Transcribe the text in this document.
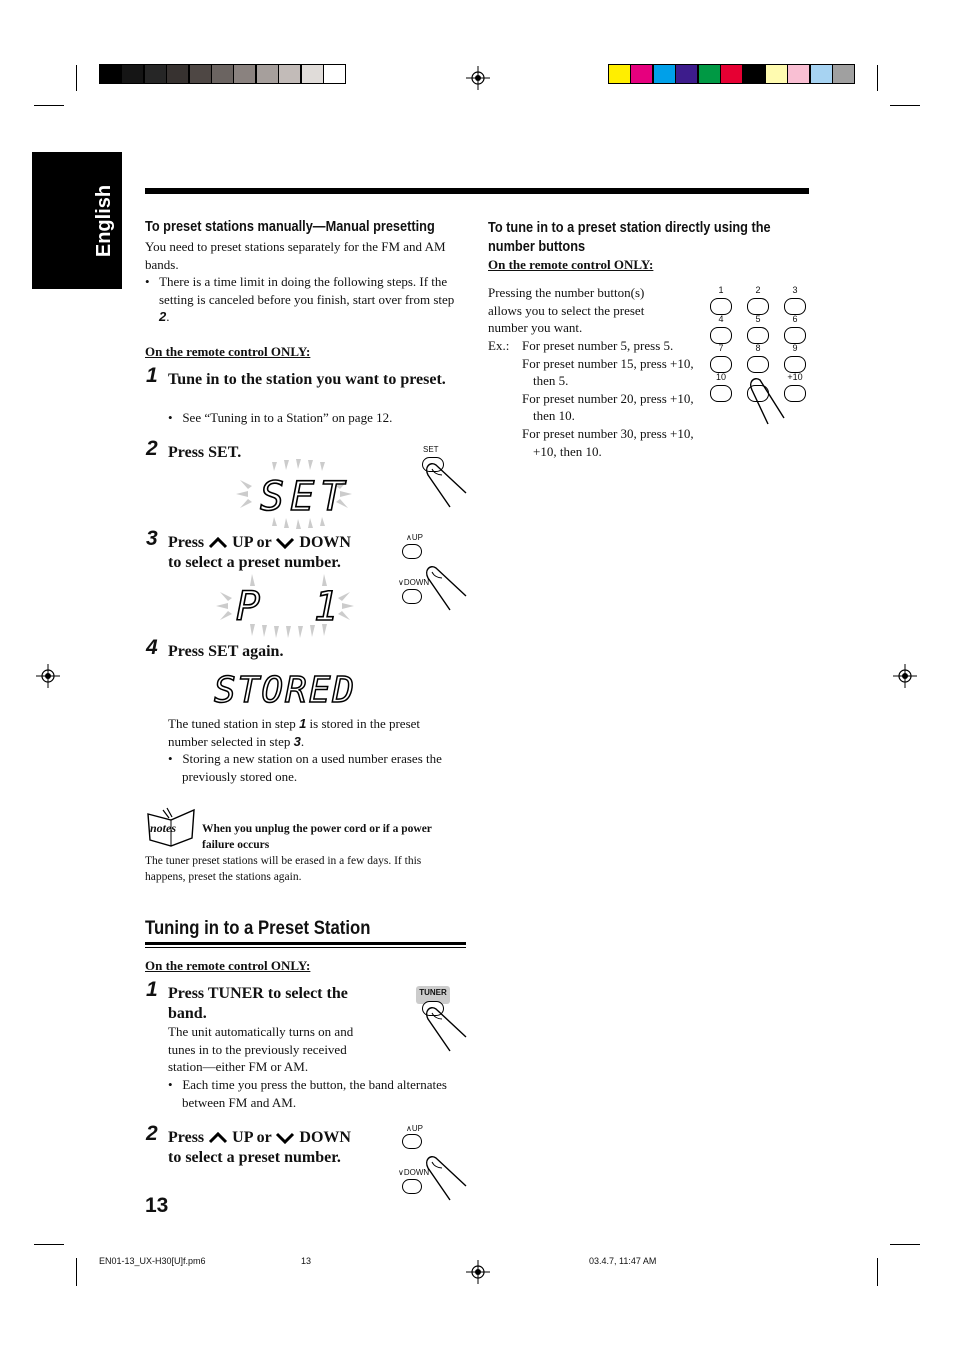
English To preset stations manually—Manual presetting
You need to preset stations separately for the FM and AM bands.
•   There is a time limit in doing the following steps. If the setting is canceled before you finish, start over from step 2.
On the remote control ONLY:
1 Tune in to the station you want to preset.
•   See “Tuning in to a Station” on page 12.
2 Press SET.
SET
SET
3 Press UP or DOWN
to select a preset number.
P 1
∧UP
∨DOWN
4 Press SET again.
STORED
The tuned station in step 1 is stored in the preset number selected in step 3.
•   Storing a new station on a used number erases the previously stored one.
notes When you unplug the power cord or if a power failure occurs
The tuner preset stations will be erased in a few days. If this happens, preset the stations again.
Tuning in to a Preset Station
On the remote control ONLY:
1 Press TUNER to select the band.
The unit automatically turns on and tunes in to the previously received station—either FM or AM.
•   Each time you press the button, the band alternates between FM and AM.
TUNER
2 Press UP or DOWN
to select a preset number.
∧UP
∨DOWN
13
To tune in to a preset station directly using the number buttons
On the remote control ONLY:
Pressing the number button(s) allows you to select the preset number you want.
Ex.: For preset number 5, press 5.
For preset number 15, press +10, then 5.
For preset number 20, press +10, then 10.
For preset number 30, press +10, +10, then 10.
1	2	3
4	5	6
7	8	9
10	+10
EN01-13_UX-H30[U]f.pm6	13	03.4.7, 11:47 AM
